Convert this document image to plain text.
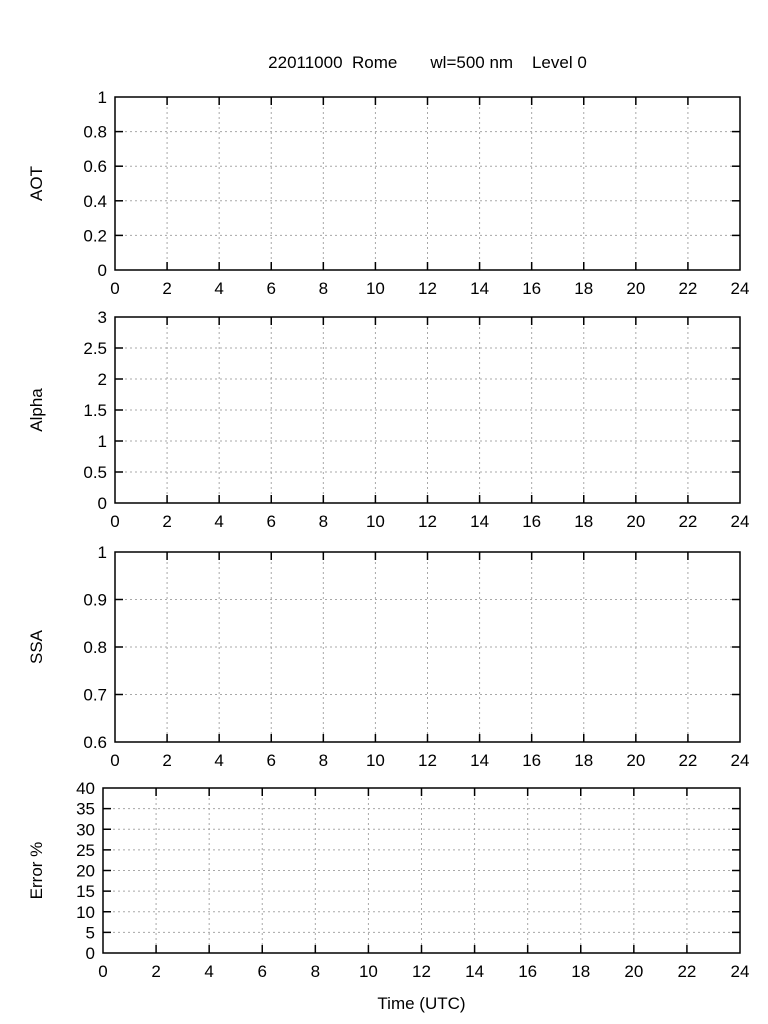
22011000  Rome       wl=500 nm    Level 0
0	2	4	6	8 10 12 14 16 18 20 22 24
0
0.2
0.4
0.6
0.8
1
AOT
0	2	4	6	8 10 12 14 16 18 20 22 24
0
0.5
1
1.5
2
2.5
3
Alpha
0	2	4	6	8 10 12 14 16 18 20 22 24
0.6
0.7
0.8
0.9
1
SSA
0	2	4	6	8 10 12 14 16 18 20 22 24
0
5
10
15
20
25
30
35
40
Error %
Time (UTC)
